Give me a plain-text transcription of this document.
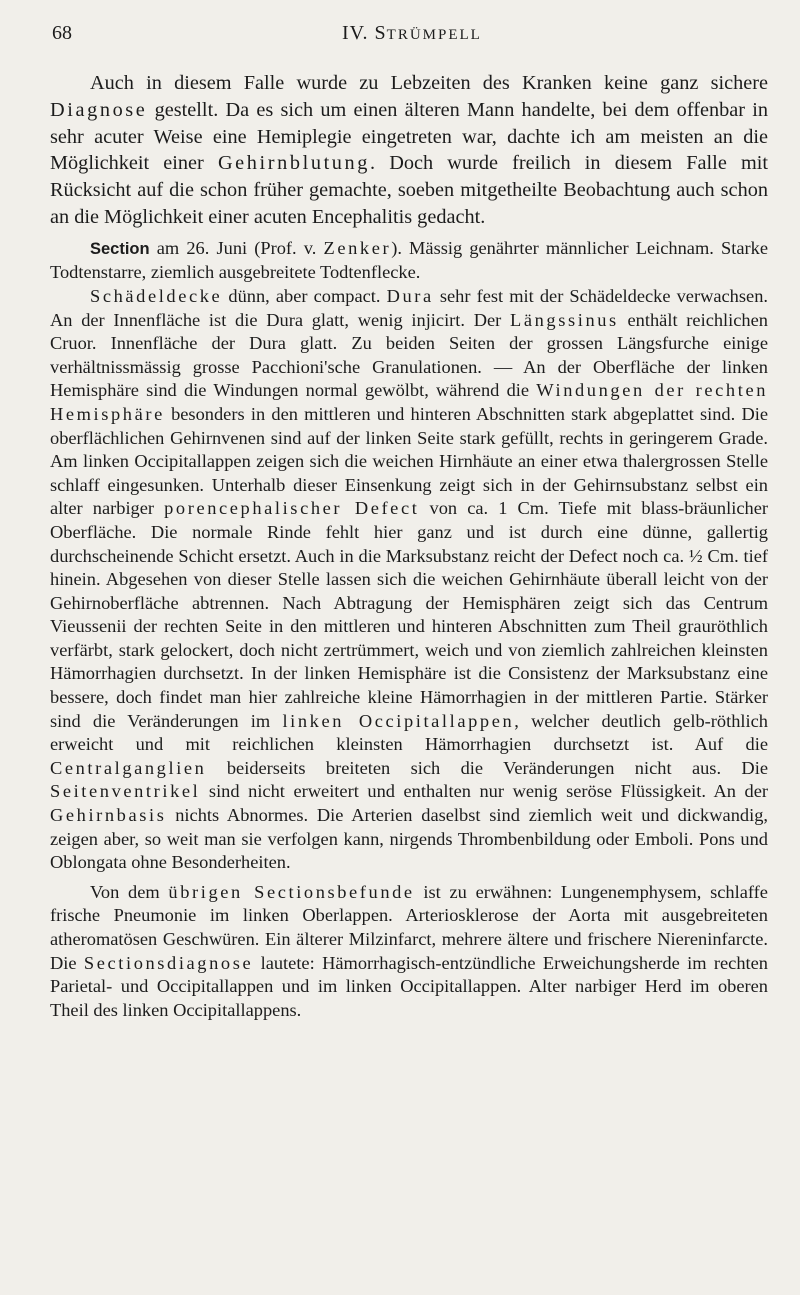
68	IV. STRÜMPELL

Auch in diesem Falle wurde zu Lebzeiten des Kranken keine ganz sichere Diagnose gestellt. Da es sich um einen älteren Mann handelte, bei dem offenbar in sehr acuter Weise eine Hemiplegie eingetreten war, dachte ich am meisten an die Möglichkeit einer Gehirnblutung. Doch wurde freilich in diesem Falle mit Rücksicht auf die schon früher gemachte, soeben mitgetheilte Beobachtung auch schon an die Möglichkeit einer acuten Encephalitis gedacht.

Section am 26. Juni (Prof. v. Zenker). Mässig genährter männlicher Leichnam. Starke Todtenstarre, ziemlich ausgebreitete Todtenflecke.

Schädeldecke dünn, aber compact. Dura sehr fest mit der Schädeldecke verwachsen. An der Innenfläche ist die Dura glatt, wenig injicirt. Der Längssinus enthält reichlichen Cruor. Innenfläche der Dura glatt. Zu beiden Seiten der grossen Längsfurche einige verhältnissmässig grosse Pacchioni'sche Granulationen. — An der Oberfläche der linken Hemisphäre sind die Windungen normal gewölbt, während die Windungen der rechten Hemisphäre besonders in den mittleren und hinteren Abschnitten stark abgeplattet sind. Die oberflächlichen Gehirnvenen sind auf der linken Seite stark gefüllt, rechts in geringerem Grade. Am linken Occipitallappen zeigen sich die weichen Hirnhäute an einer etwa thalergrossen Stelle schlaff eingesunken. Unterhalb dieser Einsenkung zeigt sich in der Gehirnsubstanz selbst ein alter narbiger porencephalischer Defect von ca. 1 Cm. Tiefe mit blass-bräunlicher Oberfläche. Die normale Rinde fehlt hier ganz und ist durch eine dünne, gallertig durchscheinende Schicht ersetzt. Auch in die Marksubstanz reicht der Defect noch ca. ½ Cm. tief hinein. Abgesehen von dieser Stelle lassen sich die weichen Gehirnhäute überall leicht von der Gehirnoberfläche abtrennen. Nach Abtragung der Hemisphären zeigt sich das Centrum Vieussenii der rechten Seite in den mittleren und hinteren Abschnitten zum Theil grauröthlich verfärbt, stark gelockert, doch nicht zertrümmert, weich und von ziemlich zahlreichen kleinsten Hämorrhagien durchsetzt. In der linken Hemisphäre ist die Consistenz der Marksubstanz eine bessere, doch findet man hier zahlreiche kleine Hämorrhagien in der mittleren Partie. Stärker sind die Veränderungen im linken Occipitallappen, welcher deutlich gelb-röthlich erweicht und mit reichlichen kleinsten Hämorrhagien durchsetzt ist. Auf die Centralganglien beiderseits breiteten sich die Veränderungen nicht aus. Die Seitenventrikel sind nicht erweitert und enthalten nur wenig seröse Flüssigkeit. An der Gehirnbasis nichts Abnormes. Die Arterien daselbst sind ziemlich weit und dickwandig, zeigen aber, so weit man sie verfolgen kann, nirgends Thrombenbildung oder Emboli. Pons und Oblongata ohne Besonderheiten.

Von dem übrigen Sectionsbefunde ist zu erwähnen: Lungenemphysem, schlaffe frische Pneumonie im linken Oberlappen. Arteriosklerose der Aorta mit ausgebreiteten atheromatösen Geschwüren. Ein älterer Milzinfarct, mehrere ältere und frischere Niereninfarcte. Die Sectionsdiagnose lautete: Hämorrhagisch-entzündliche Erweichungsherde im rechten Parietal- und Occipitallappen und im linken Occipitallappen. Alter narbiger Herd im oberen Theil des linken Occipitallappens.
